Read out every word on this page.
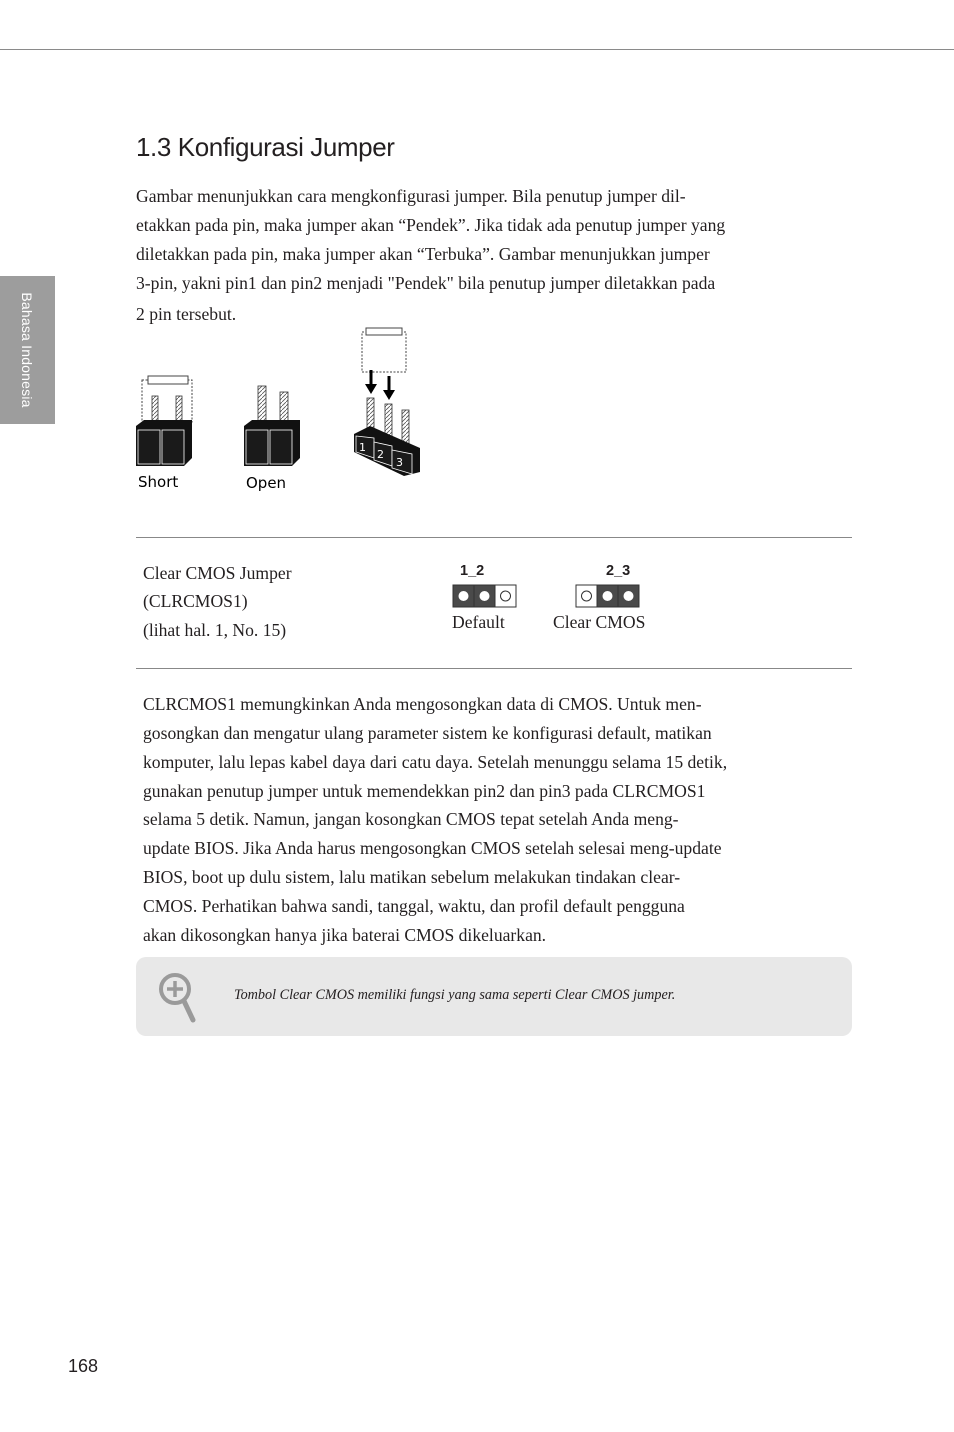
Bahasa Indonesia
1.3 Konfigurasi Jumper
Gambar menunjukkan cara mengkonfigurasi jumper. Bila penutup jumper dil-
etakkan pada pin, maka jumper akan “Pendek”. Jika tidak ada penutup jumper yang
diletakkan pada pin, maka jumper akan “Terbuka”. Gambar menunjukkan jumper
3-pin, yakni pin1 dan pin2 menjadi "Pendek" bila penutup jumper diletakkan pada
2 pin tersebut.
Short	Open
1
2
3
Clear CMOS Jumper
(CLRCMOS1)
(lihat hal. 1, No. 15)
1_2
Default
2_3
Clear CMOS
CLRCMOS1 memungkinkan Anda mengosongkan data di CMOS. Untuk men-
gosongkan dan mengatur ulang parameter sistem ke konfigurasi default, matikan
komputer, lalu lepas kabel daya dari catu daya. Setelah menunggu selama 15 detik,
gunakan penutup jumper untuk memendekkan pin2 dan pin3 pada CLRCMOS1
selama 5 detik. Namun, jangan kosongkan CMOS tepat setelah Anda meng-
update BIOS. Jika Anda harus mengosongkan CMOS setelah selesai meng-update
BIOS, boot up dulu sistem, lalu matikan sebelum melakukan tindakan clear-
CMOS. Perhatikan bahwa sandi, tanggal, waktu, dan profil default pengguna
akan dikosongkan hanya jika baterai CMOS dikeluarkan.
Tombol Clear CMOS memiliki fungsi yang sama seperti Clear CMOS jumper.
168
